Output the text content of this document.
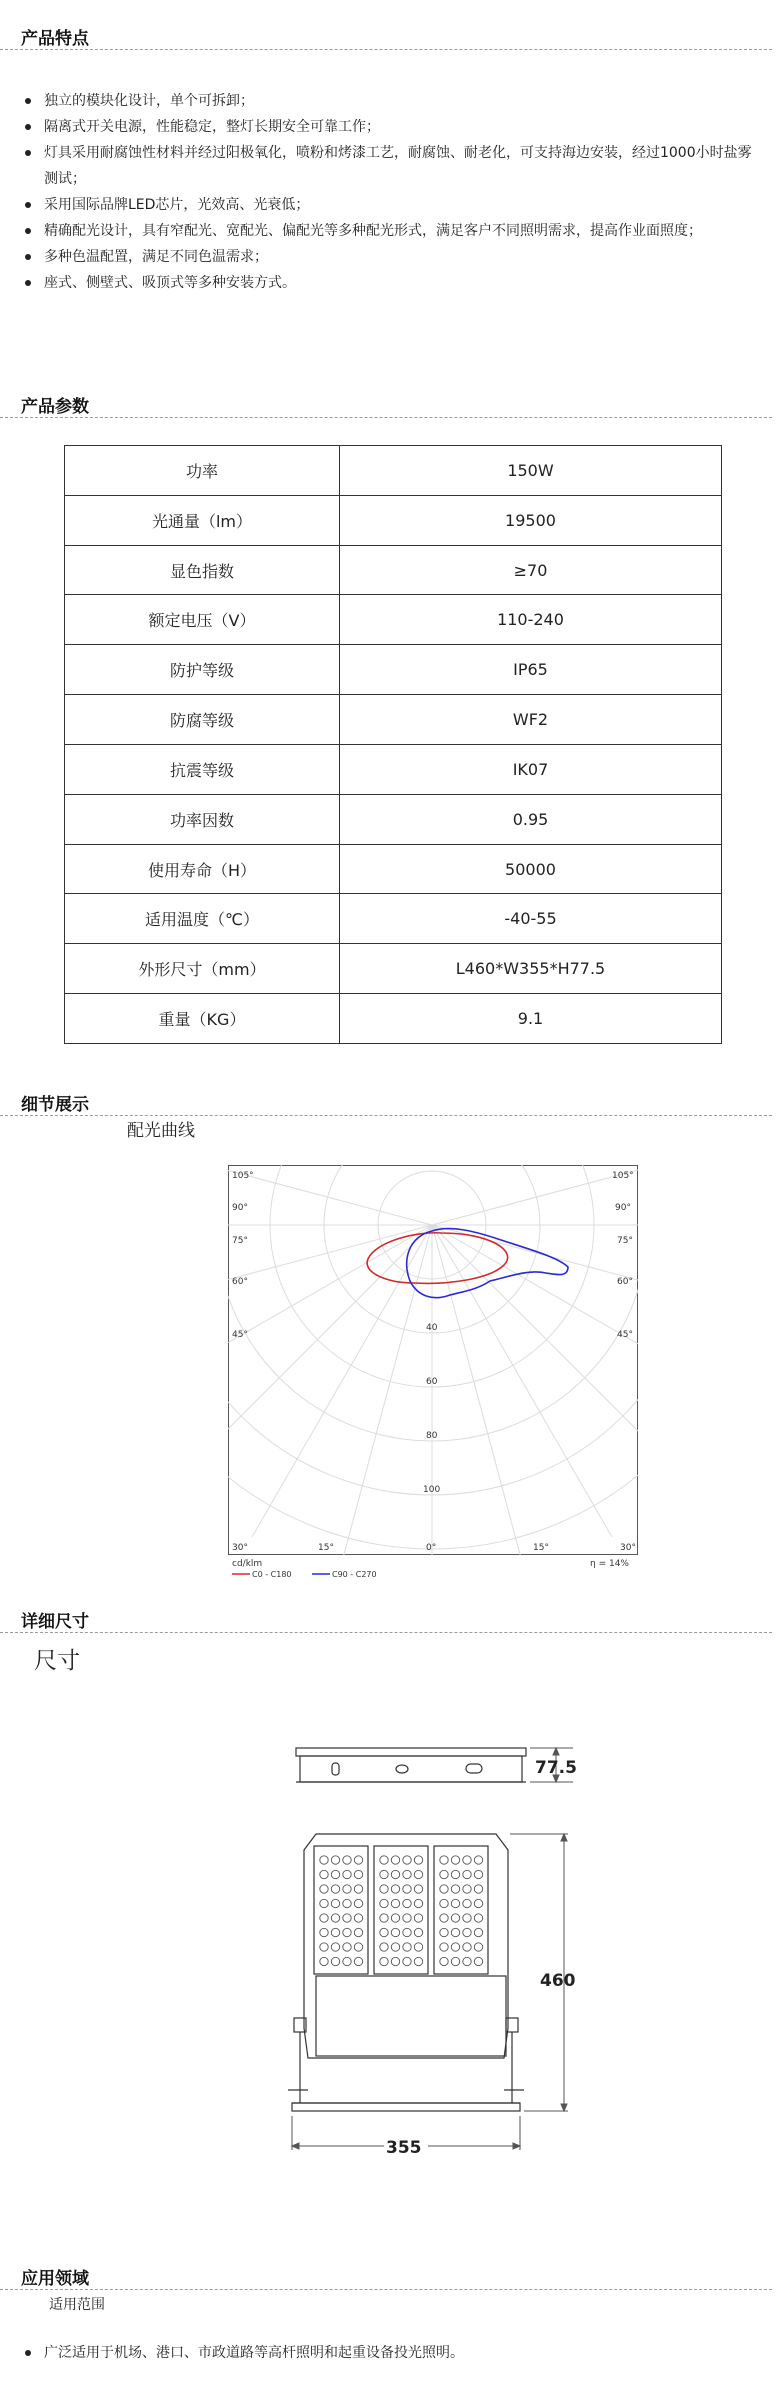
产品特点
独立的模块化设计，单个可拆卸；
隔离式开关电源，性能稳定，整灯长期安全可靠工作；
灯具采用耐腐蚀性材料并经过阳极氧化，喷粉和烤漆工艺，耐腐蚀、耐老化，可支持海边安装，经过1000小时盐雾测试；
采用国际品牌LED芯片，光效高、光衰低；
精确配光设计，具有窄配光、宽配光、偏配光等多种配光形式，满足客户不同照明需求，提高作业面照度；
多种色温配置，满足不同色温需求；
座式、侧壁式、吸顶式等多种安装方式。
产品参数
功率	150W
光通量（lm）	19500
显色指数	≥70
额定电压（V）	110-240
防护等级	IP65
防腐等级	WF2
抗震等级	IK07
功率因数	0.95
使用寿命（H）	50000
适用温度（℃）	-40-55
外形尺寸（mm）	L460*W355*H77.5
重量（KG）	9.1
细节展示
配光曲线
105°	105°
90°	90°
75°	75°
60°	60°
45°	45°
30°	30°
15°	15°
0°
40
60
80
100
cd/klm	η = 14%
C0 - C180	C90 - C270
详细尺寸
尺寸
77.5
460
355
应用领域
适用范围
广泛适用于机场、港口、市政道路等高杆照明和起重设备投光照明。
